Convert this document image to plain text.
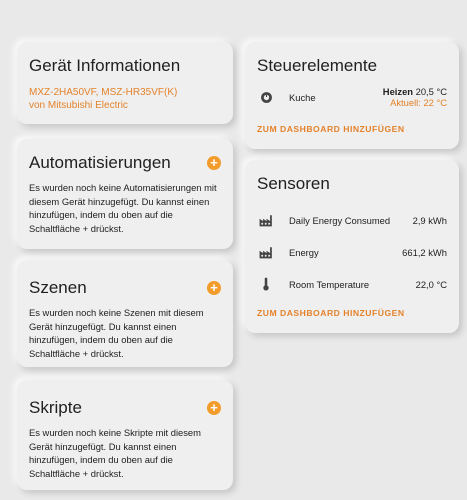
Gerät Informationen
MXZ-2HA50VF, MSZ-HR35VF(K)
von Mitsubishi Electric
Automatisierungen	+
Es wurden noch keine Automatisierungen mit diesem Gerät hinzugefügt. Du kannst einen hinzufügen, indem du oben auf die Schaltfläche + drückst.
Szenen	+
Es wurden noch keine Szenen mit diesem Gerät hinzugefügt. Du kannst einen hinzufügen, indem du oben auf die Schaltfläche + drückst.
Skripte	+
Es wurden noch keine Skripte mit diesem Gerät hinzugefügt. Du kannst einen hinzufügen, indem du oben auf die Schaltfläche + drückst.
Steuerelemente
Kuche	Heizen 20,5 °C
Aktuell: 22 °C
ZUM DASHBOARD HINZUFÜGEN
Sensoren
Daily Energy Consumed	2,9 kWh
Energy	661,2 kWh
Room Temperature	22,0 °C
ZUM DASHBOARD HINZUFÜGEN
